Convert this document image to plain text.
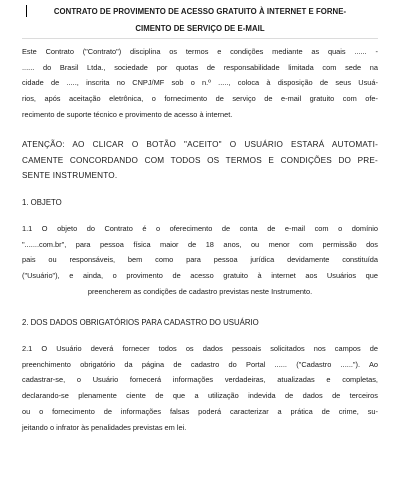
CONTRATO DE PROVIMENTO DE ACESSO GRATUITO À INTERNET E FORNE-
CIMENTO DE SERVIÇO DE E-MAIL
Este Contrato ("Contrato") disciplina os termos e condições mediante as quais ...... -
...... do Brasil Ltda., sociedade por quotas de responsabilidade limitada com sede na
cidade de ....., inscrita no CNPJ/MF sob o n.º ....., coloca à disposição de seus Usuá-
rios, após aceitação eletrônica, o fornecimento de serviço de e-mail gratuito com ofe-
recimento de suporte técnico e provimento de acesso à internet.
ATENÇÃO: AO CLICAR O BOTÃO "ACEITO" O USUÁRIO ESTARÁ AUTOMATI-
CAMENTE CONCORDANDO COM TODOS OS TERMOS E CONDIÇÕES DO PRE-
SENTE INSTRUMENTO.
1. OBJETO
1.1 O objeto do Contrato é o oferecimento de conta de e-mail com o domínio
".......com.br", para pessoa física maior de 18 anos, ou menor com permissão dos
pais ou responsáveis, bem como para pessoa jurídica devidamente constituída
("Usuário"), e ainda, o provimento de acesso gratuito à internet aos Usuários que
preencherem as condições de cadastro previstas neste Instrumento.
2. DOS DADOS OBRIGATÓRIOS PARA CADASTRO DO USUÁRIO
2.1 O Usuário deverá fornecer todos os dados pessoais solicitados nos campos de
preenchimento obrigatório da página de cadastro do Portal ...... ("Cadastro ......"). Ao
cadastrar-se, o Usuário fornecerá informações verdadeiras, atualizadas e completas,
declarando-se plenamente ciente de que a utilização indevida de dados de terceiros
ou o fornecimento de informações falsas poderá caracterizar a prática de crime, su-
jeitando o infrator às penalidades previstas em lei.
